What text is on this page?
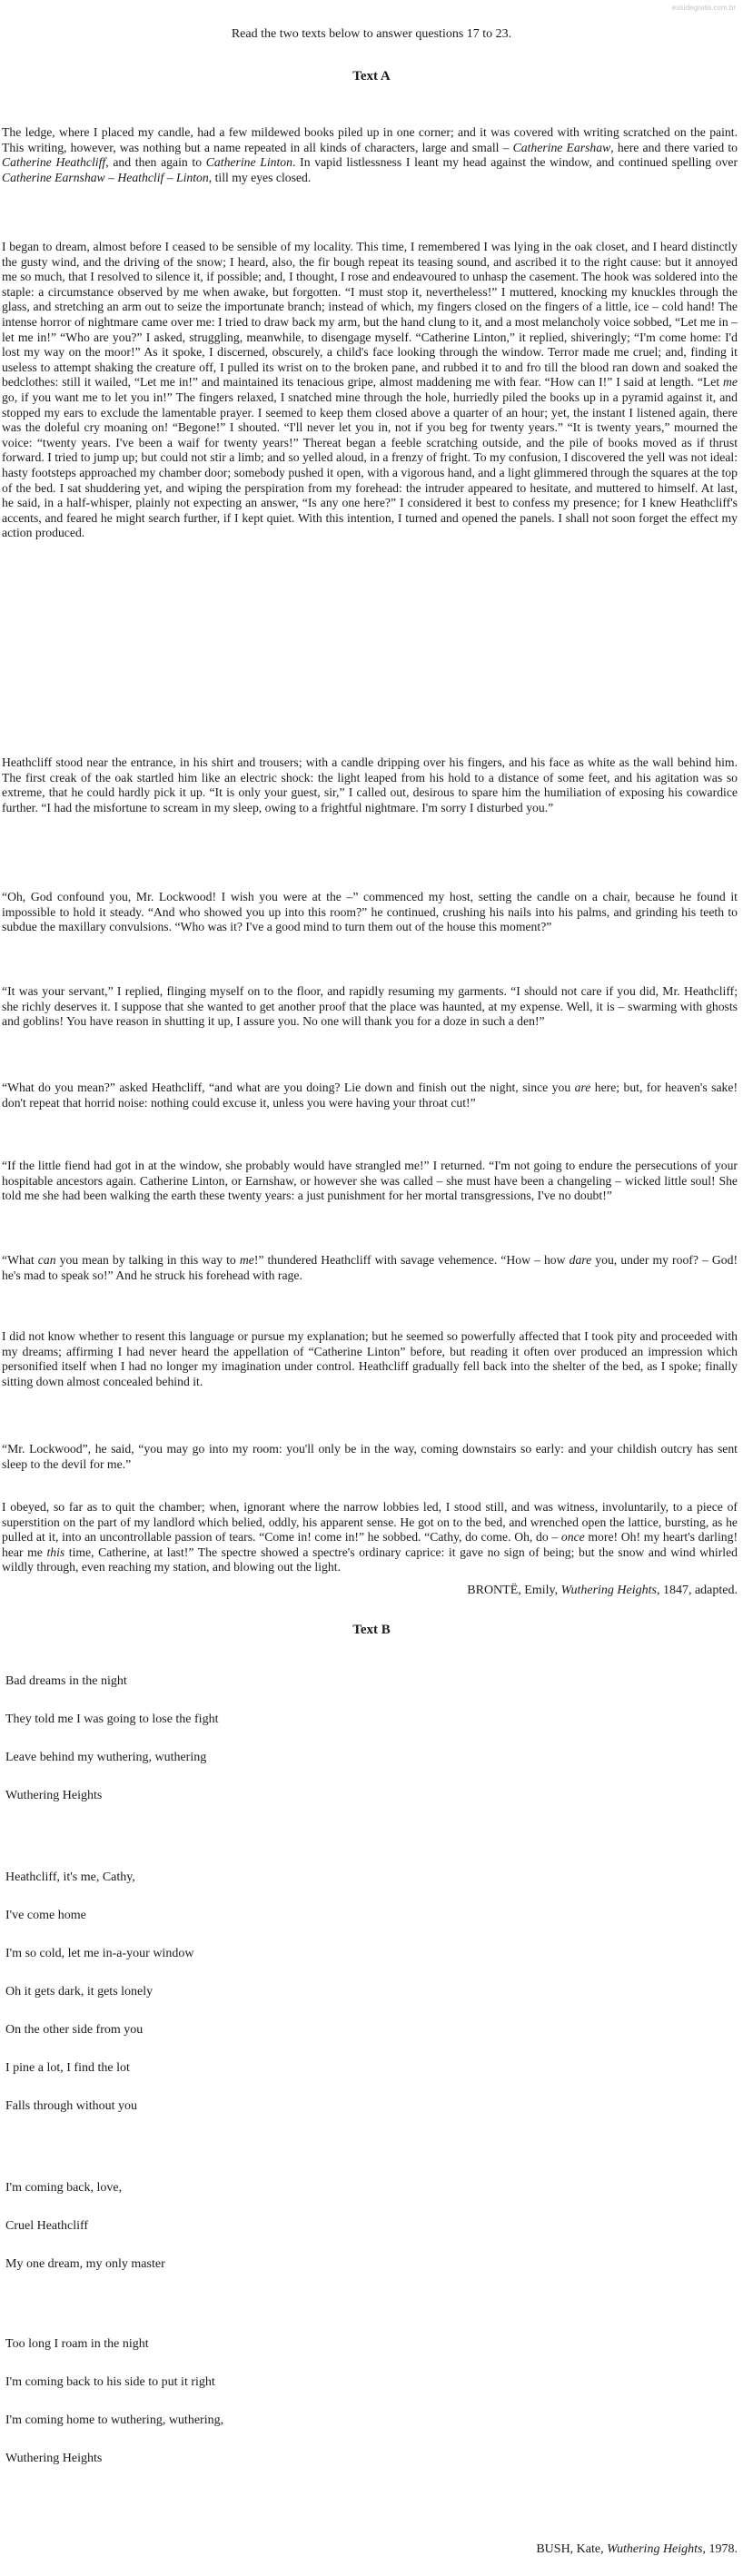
estudegratis.com.br
Read the two texts below to answer questions 17 to 23.
Text A

The ledge, where I placed my candle, had a few mildewed books piled up in one corner; and it was covered with writing scratched on the paint. This writing, however, was nothing but a name repeated in all kinds of characters, large and small – Catherine Earshaw, here and there varied to Catherine Heathcliff, and then again to Catherine Linton. In vapid listlessness I leant my head against the window, and continued spelling over Catherine Earnshaw – Heathclif – Linton, till my eyes closed.

I began to dream, almost before I ceased to be sensible of my locality. This time, I remembered I was lying in the oak closet, and I heard distinctly the gusty wind, and the driving of the snow; I heard, also, the fir bough repeat its teasing sound, and ascribed it to the right cause: but it annoyed me so much, that I resolved to silence it, if possible; and, I thought, I rose and endeavoured to unhasp the casement. The hook was soldered into the staple: a circumstance observed by me when awake, but forgotten. “I must stop it, nevertheless!” I muttered, knocking my knuckles through the glass, and stretching an arm out to seize the importunate branch; instead of which, my fingers closed on the fingers of a little, ice – cold hand! The intense horror of nightmare came over me: I tried to draw back my arm, but the hand clung to it, and a most melancholy voice sobbed, “Let me in – let me in!” “Who are you?” I asked, struggling, meanwhile, to disengage myself. “Catherine Linton,” it replied, shiveringly; “I'm come home: I'd lost my way on the moor!” As it spoke, I discerned, obscurely, a child's face looking through the window. Terror made me cruel; and, finding it useless to attempt shaking the creature off, I pulled its wrist on to the broken pane, and rubbed it to and fro till the blood ran down and soaked the bedclothes: still it wailed, “Let me in!” and maintained its tenacious gripe, almost maddening me with fear. “How can I!” I said at length. “Let me go, if you want me to let you in!” The fingers relaxed, I snatched mine through the hole, hurriedly piled the books up in a pyramid against it, and stopped my ears to exclude the lamentable prayer. I seemed to keep them closed above a quarter of an hour; yet, the instant I listened again, there was the doleful cry moaning on! “Begone!” I shouted. “I'll never let you in, not if you beg for twenty years.” “It is twenty years,” mourned the voice: “twenty years. I've been a waif for twenty years!” Thereat began a feeble scratching outside, and the pile of books moved as if thrust forward. I tried to jump up; but could not stir a limb; and so yelled aloud, in a frenzy of fright. To my confusion, I discovered the yell was not ideal: hasty footsteps approached my chamber door; somebody pushed it open, with a vigorous hand, and a light glimmered through the squares at the top of the bed. I sat shuddering yet, and wiping the perspiration from my forehead: the intruder appeared to hesitate, and muttered to himself. At last, he said, in a half-whisper, plainly not expecting an answer, “Is any one here?” I considered it best to confess my presence; for I knew Heathcliff's accents, and feared he might search further, if I kept quiet. With this intention, I turned and opened the panels. I shall not soon forget the effect my action produced.

Heathcliff stood near the entrance, in his shirt and trousers; with a candle dripping over his fingers, and his face as white as the wall behind him. The first creak of the oak startled him like an electric shock: the light leaped from his hold to a distance of some feet, and his agitation was so extreme, that he could hardly pick it up. “It is only your guest, sir,” I called out, desirous to spare him the humiliation of exposing his cowardice further. “I had the misfortune to scream in my sleep, owing to a frightful nightmare. I'm sorry I disturbed you.”

“Oh, God confound you, Mr. Lockwood! I wish you were at the –” commenced my host, setting the candle on a chair, because he found it impossible to hold it steady. “And who showed you up into this room?” he continued, crushing his nails into his palms, and grinding his teeth to subdue the maxillary convulsions. “Who was it? I've a good mind to turn them out of the house this moment?”

“It was your servant,” I replied, flinging myself on to the floor, and rapidly resuming my garments. “I should not care if you did, Mr. Heathcliff; she richly deserves it. I suppose that she wanted to get another proof that the place was haunted, at my expense. Well, it is – swarming with ghosts and goblins! You have reason in shutting it up, I assure you. No one will thank you for a doze in such a den!”

“What do you mean?” asked Heathcliff, “and what are you doing? Lie down and finish out the night, since you are here; but, for heaven's sake! don't repeat that horrid noise: nothing could excuse it, unless you were having your throat cut!”

“If the little fiend had got in at the window, she probably would have strangled me!” I returned. “I'm not going to endure the persecutions of your hospitable ancestors again. Catherine Linton, or Earnshaw, or however she was called – she must have been a changeling – wicked little soul! She told me she had been walking the earth these twenty years: a just punishment for her mortal transgressions, I've no doubt!”

“What can you mean by talking in this way to me!” thundered Heathcliff with savage vehemence. “How – how dare you, under my roof? – God! he's mad to speak so!” And he struck his forehead with rage.

I did not know whether to resent this language or pursue my explanation; but he seemed so powerfully affected that I took pity and proceeded with my dreams; affirming I had never heard the appellation of “Catherine Linton” before, but reading it often over produced an impression which personified itself when I had no longer my imagination under control. Heathcliff gradually fell back into the shelter of the bed, as I spoke; finally sitting down almost concealed behind it.

“Mr. Lockwood”, he said, “you may go into my room: you'll only be in the way, coming downstairs so early: and your childish outcry has sent sleep to the devil for me.”

I obeyed, so far as to quit the chamber; when, ignorant where the narrow lobbies led, I stood still, and was witness, involuntarily, to a piece of superstition on the part of my landlord which belied, oddly, his apparent sense. He got on to the bed, and wrenched open the lattice, bursting, as he pulled at it, into an uncontrollable passion of tears. “Come in! come in!” he sobbed. “Cathy, do come. Oh, do – once more! Oh! my heart's darling! hear me this time, Catherine, at last!” The spectre showed a spectre's ordinary caprice: it gave no sign of being; but the snow and wind whirled wildly through, even reaching my station, and blowing out the light.

BRONTË, Emily, Wuthering Heights, 1847, adapted.
Text B
Bad dreams in the night
They told me I was going to lose the fight
Leave behind my wuthering, wuthering
Wuthering Heights
Heathcliff, it's me, Cathy,
I've come home
I'm so cold, let me in-a-your window
Oh it gets dark, it gets lonely
On the other side from you
I pine a lot, I find the lot
Falls through without you
I'm coming back, love,
Cruel Heathcliff
My one dream, my only master
Too long I roam in the night
I'm coming back to his side to put it right
I'm coming home to wuthering, wuthering,
Wuthering Heights
BUSH, Kate, Wuthering Heights, 1978.
